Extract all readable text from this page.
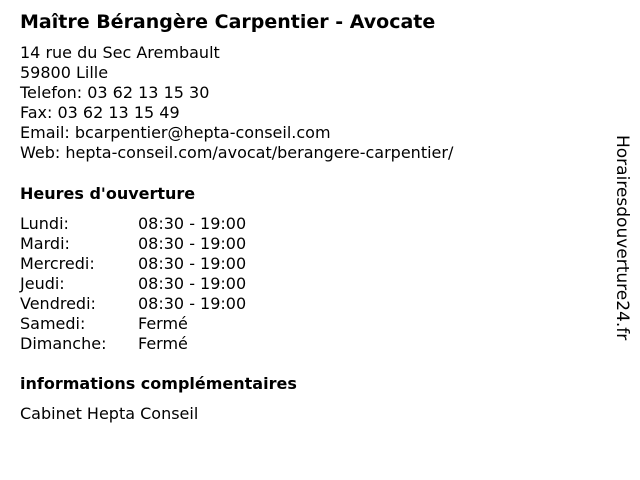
Maître Bérangère Carpentier - Avocate
14 rue du Sec Arembault
59800 Lille
Telefon: 03 62 13 15 30
Fax: 03 62 13 15 49
Email: bcarpentier@hepta-conseil.com
Web: hepta-conseil.com/avocat/berangere-carpentier/
Heures d'ouverture
Lundi:	08:30 - 19:00
Mardi:	08:30 - 19:00
Mercredi:	08:30 - 19:00
Jeudi:	08:30 - 19:00
Vendredi:	08:30 - 19:00
Samedi:	Fermé
Dimanche:	Fermé
informations complémentaires
Cabinet Hepta Conseil
Horairesdouverture24.fr
